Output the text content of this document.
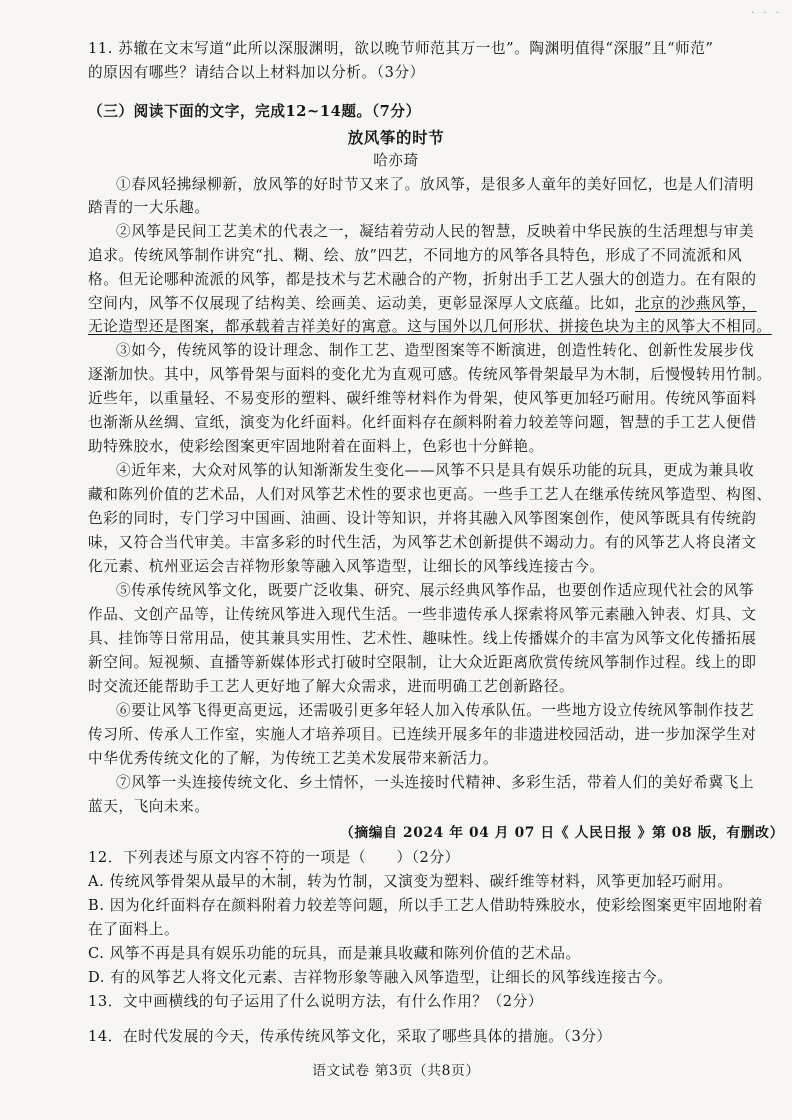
· · ·
11. 苏辙在文末写道“此所以深服渊明，欲以晚节师范其万一也”。陶渊明值得“深服”且“师范”
的原因有哪些？请结合以上材料加以分析。（3分）
（三）阅读下面的文字，完成12~14题。（7分）
放风筝的时节
哈亦琦
①春风轻拂绿柳新，放风筝的好时节又来了。放风筝，是很多人童年的美好回忆，也是人们清明
踏青的一大乐趣。
②风筝是民间工艺美术的代表之一，凝结着劳动人民的智慧，反映着中华民族的生活理想与审美
追求。传统风筝制作讲究“扎、糊、绘、放”四艺，不同地方的风筝各具特色，形成了不同流派和风
格。但无论哪种流派的风筝，都是技术与艺术融合的产物，折射出手工艺人强大的创造力。在有限的
空间内，风筝不仅展现了结构美、绘画美、运动美，更彰显深厚人文底蕴。比如，北京的沙燕风筝，
无论造型还是图案，都承载着吉祥美好的寓意。这与国外以几何形状、拼接色块为主的风筝大不相同。
③如今，传统风筝的设计理念、制作工艺、造型图案等不断演进，创造性转化、创新性发展步伐
逐渐加快。其中，风筝骨架与面料的变化尤为直观可感。传统风筝骨架最早为木制，后慢慢转用竹制。
近些年，以重量轻、不易变形的塑料、碳纤维等材料作为骨架，使风筝更加轻巧耐用。传统风筝面料
也渐渐从丝绸、宣纸，演变为化纤面料。化纤面料存在颜料附着力较差等问题，智慧的手工艺人便借
助特殊胶水，使彩绘图案更牢固地附着在面料上，色彩也十分鲜艳。
④近年来，大众对风筝的认知渐渐发生变化——风筝不只是具有娱乐功能的玩具，更成为兼具收
藏和陈列价值的艺术品，人们对风筝艺术性的要求也更高。一些手工艺人在继承传统风筝造型、构图、
色彩的同时，专门学习中国画、油画、设计等知识，并将其融入风筝图案创作，使风筝既具有传统韵
味，又符合当代审美。丰富多彩的时代生活，为风筝艺术创新提供不竭动力。有的风筝艺人将良渚文
化元素、杭州亚运会吉祥物形象等融入风筝造型，让细长的风筝线连接古今。
⑤传承传统风筝文化，既要广泛收集、研究、展示经典风筝作品，也要创作适应现代社会的风筝
作品、文创产品等，让传统风筝进入现代生活。一些非遗传承人探索将风筝元素融入钟表、灯具、文
具、挂饰等日常用品，使其兼具实用性、艺术性、趣味性。线上传播媒介的丰富为风筝文化传播拓展
新空间。短视频、直播等新媒体形式打破时空限制，让大众近距离欣赏传统风筝制作过程。线上的即
时交流还能帮助手工艺人更好地了解大众需求，进而明确工艺创新路径。
⑥要让风筝飞得更高更远，还需吸引更多年轻人加入传承队伍。一些地方设立传统风筝制作技艺
传习所、传承人工作室，实施人才培养项目。已连续开展多年的非遗进校园活动，进一步加深学生对
中华优秀传统文化的了解，为传统工艺美术发展带来新活力。
⑦风筝一头连接传统文化、乡土情怀，一头连接时代精神、多彩生活，带着人们的美好希冀飞上
蓝天，飞向未来。
（摘编自 2024 年 04 月 07 日《 人民日报 》第 08 版，有删改）
12．下列表述与原文内容不符的一项是（　　）（2分）
A. 传统风筝骨架从最早的木制，转为竹制，又演变为塑料、碳纤维等材料，风筝更加轻巧耐用。
B. 因为化纤面料存在颜料附着力较差等问题，所以手工艺人借助特殊胶水，使彩绘图案更牢固地附着
在了面料上。
C. 风筝不再是具有娱乐功能的玩具，而是兼具收藏和陈列价值的艺术品。
D. 有的风筝艺人将文化元素、吉祥物形象等融入风筝造型，让细长的风筝线连接古今。
13．文中画横线的句子运用了什么说明方法，有什么作用？（2分）
14．在时代发展的今天，传承传统风筝文化，采取了哪些具体的措施。（3分）
语文试卷 第3页（共8页）
